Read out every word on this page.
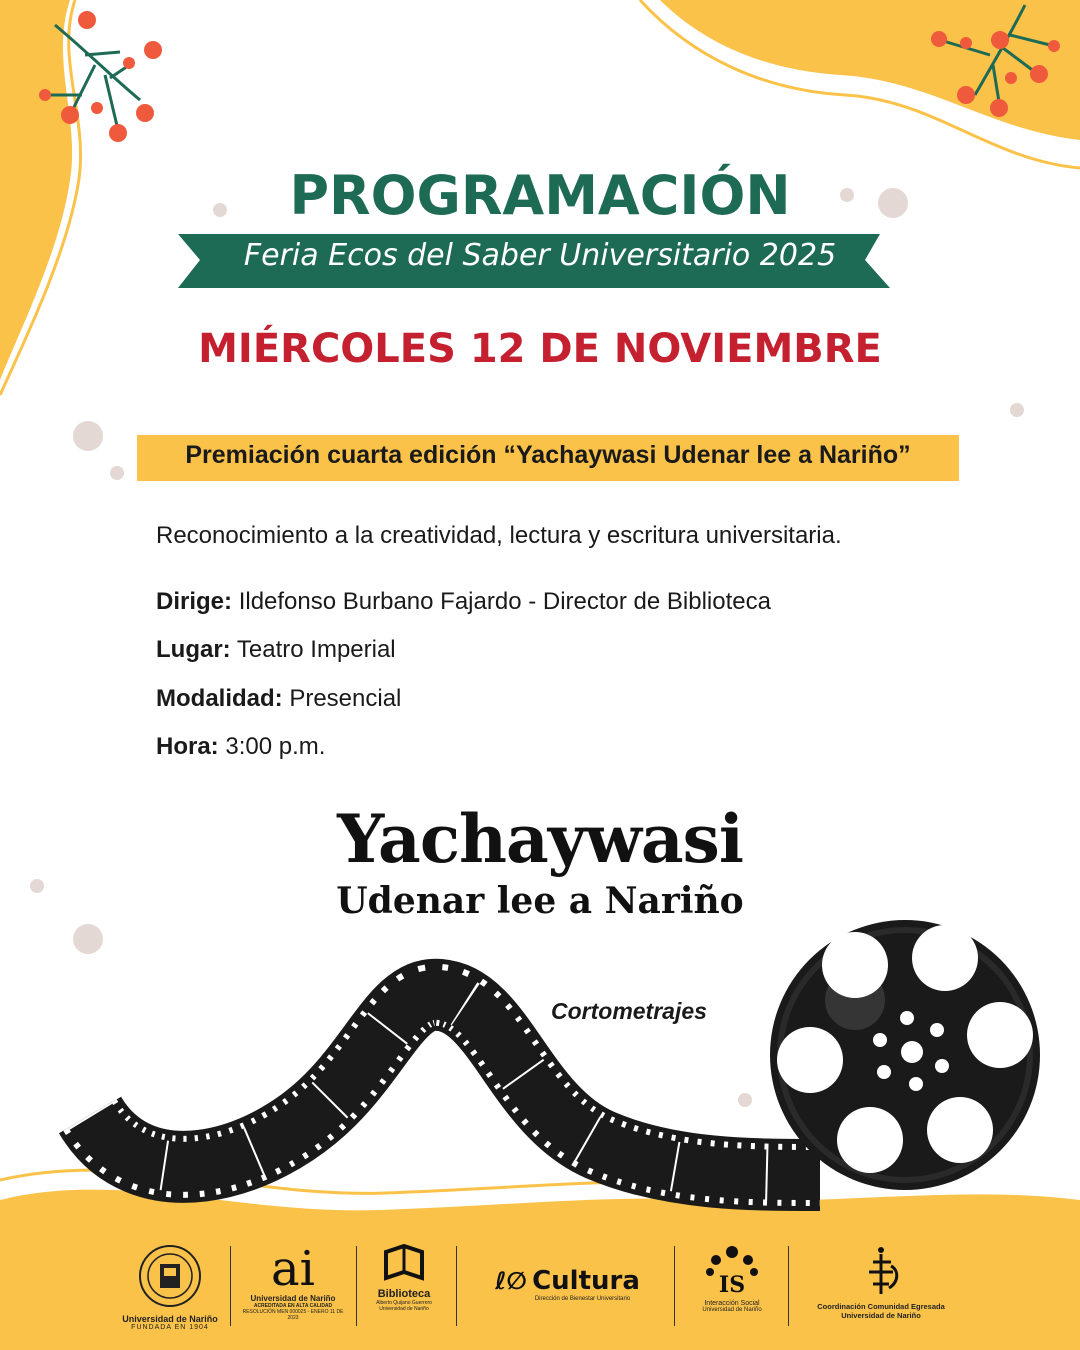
PROGRAMACIÓN
Feria Ecos del Saber Universitario 2025
MIÉRCOLES 12 DE NOVIEMBRE
Premiación cuarta edición “Yachaywasi Udenar lee a Nariño”
Reconocimiento a la creatividad, lectura y escritura universitaria.
Dirige: Ildefonso Burbano Fajardo - Director de Biblioteca
Lugar: Teatro Imperial
Modalidad: Presencial
Hora: 3:00 p.m.
Yachaywasi
Udenar lee a Nariño
Cortometrajes
Universidad de Nariño
FUNDADA EN 1904
ai
Universidad de Nariño
ACREDITADA EN ALTA CALIDAD
RESOLUCIÓN MEN 000025 - ENERO 11 DE 2023
Biblioteca
Alberto Quijano Guerrero
Universidad de Nariño
ℓ∅ Cultura
Dirección de Bienestar Universitario
IS
Interacción Social
Universidad de Nariño	Coordinación Comunidad Egresada
Universidad de Nariño
